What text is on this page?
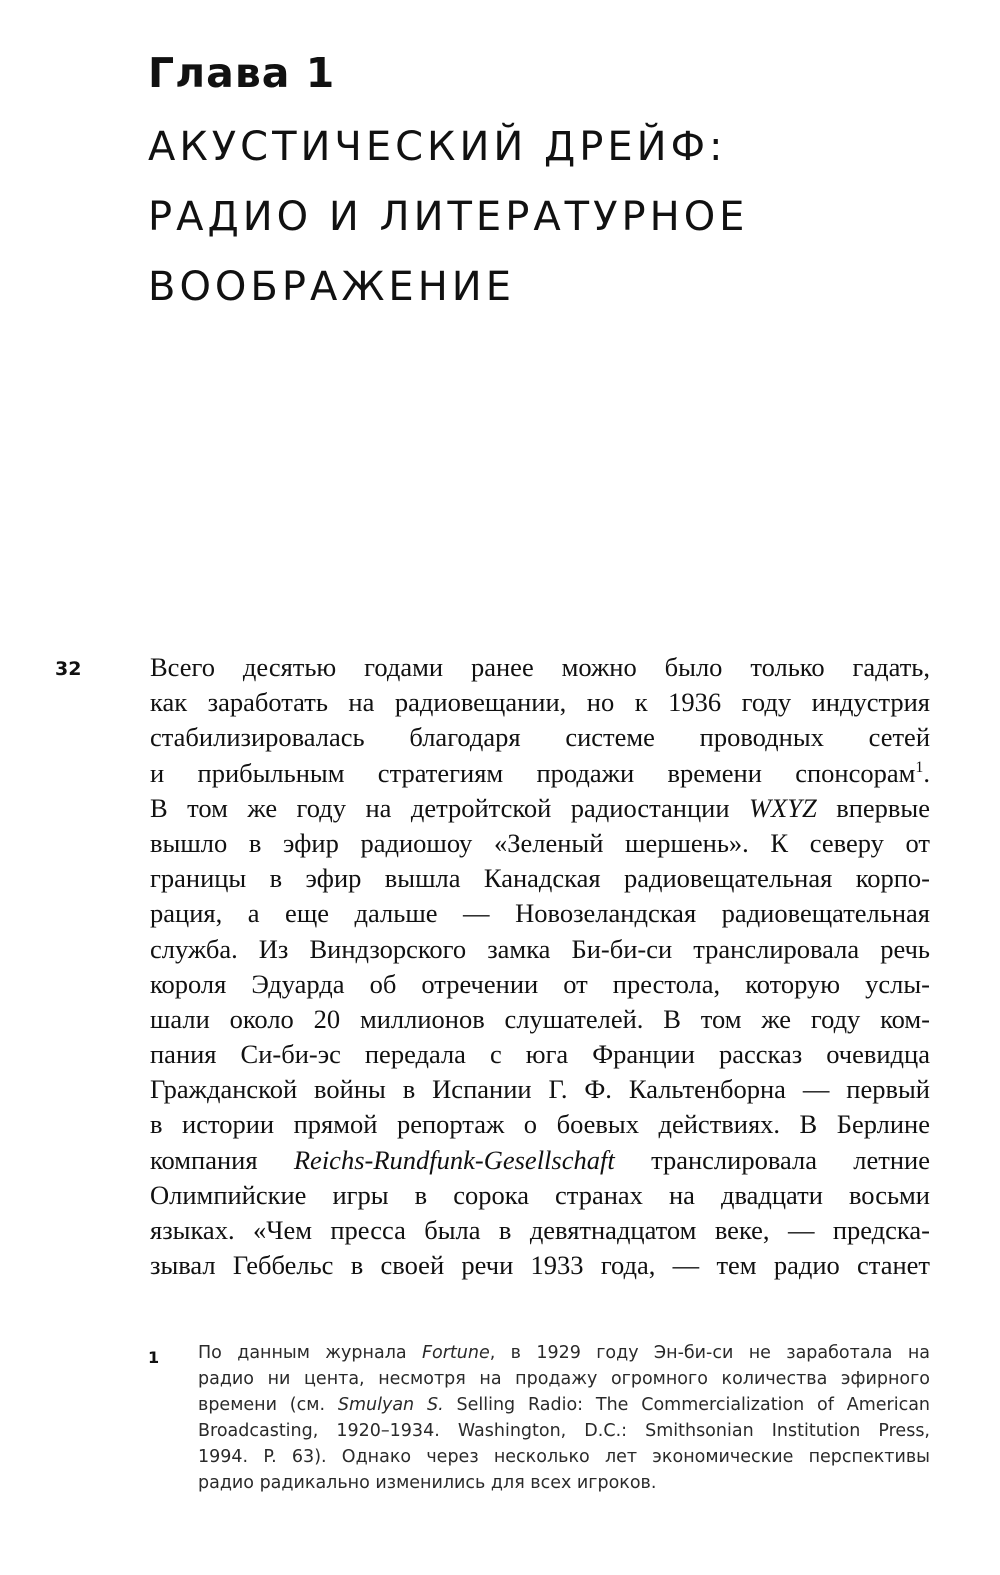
Глава 1
АКУСТИЧЕСКИЙ ДРЕЙФ:
РАДИО И ЛИТЕРАТУРНОЕ
ВООБРАЖЕНИЕ
32	Всего десятью годами ранее можно было только гадать,
как заработать на радиовещании, но к 1936 году индустрия
стабилизировалась благодаря системе проводных сетей
и прибыльным стратегиям продажи времени спонсорам$^1$.
В том же году на детройтской радиостанции WXYZ впервые
вышло в эфир радиошоу «Зеленый шершень». К северу от
границы в эфир вышла Канадская радиовещательная корпо-
рация, а еще дальше — Новозеландская радиовещательная
служба. Из Виндзорского замка Би-би-си транслировала речь
короля Эдуарда об отречении от престола, которую услы-
шали около 20 миллионов слушателей. В том же году ком-
пания Си-би-эс передала с юга Франции рассказ очевидца
Гражданской войны в Испании Г. Ф. Кальтенборна — первый
в истории прямой репортаж о боевых действиях. В Берлине
компания Reichs-Rundfunk-Gesellschaft транслировала летние
Олимпийские игры в сорока странах на двадцати восьми
языках. «Чем пресса была в девятнадцатом веке, — предска-
зывал Геббельс в своей речи 1933 года, — тем радио станет
1 По данным журнала Fortune, в 1929 году Эн-би-си не заработала на
радио ни цента, несмотря на продажу огромного количества эфирного
времени (см. Smulyan S. Selling Radio: The Commercialization of American
Broadcasting, 1920–1934. Washington, D.C.: Smithsonian Institution Press,
1994. P. 63). Однако через несколько лет экономические перспективы
радио радикально изменились для всех игроков.
